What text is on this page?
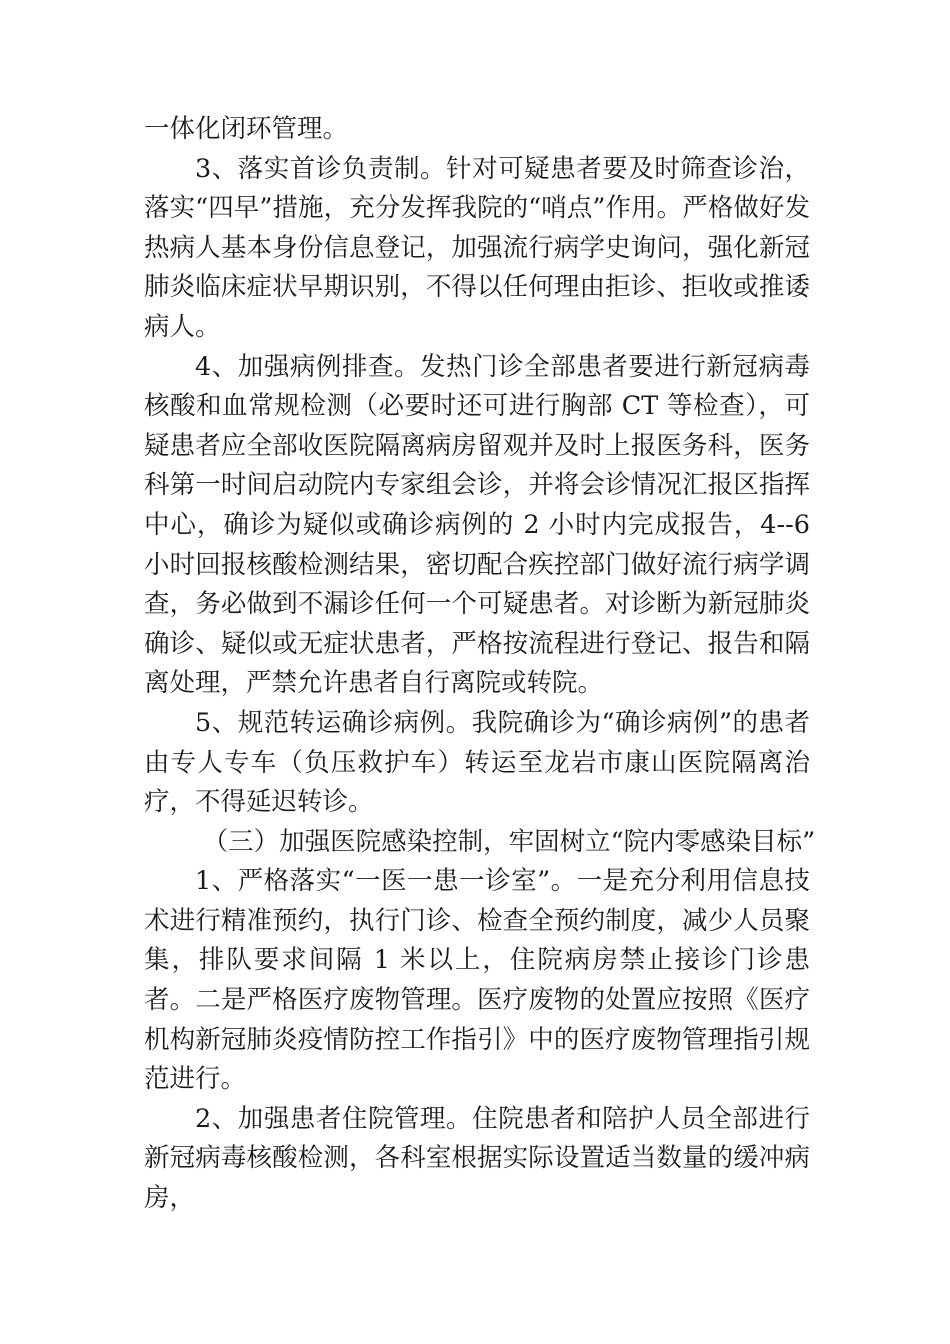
一体化闭环管理。

3、落实首诊负责制。针对可疑患者要及时筛查诊治，落实“四早”措施，充分发挥我院的“哨点”作用。严格做好发热病人基本身份信息登记，加强流行病学史询问，强化新冠肺炎临床症状早期识别，不得以任何理由拒诊、拒收或推诿病人。

4、加强病例排查。发热门诊全部患者要进行新冠病毒核酸和血常规检测（必要时还可进行胸部 CT 等检查），可疑患者应全部收医院隔离病房留观并及时上报医务科，医务科第一时间启动院内专家组会诊，并将会诊情况汇报区指挥中心，确诊为疑似或确诊病例的 2 小时内完成报告，4--6 小时回报核酸检测结果，密切配合疾控部门做好流行病学调查，务必做到不漏诊任何一个可疑患者。对诊断为新冠肺炎确诊、疑似或无症状患者，严格按流程进行登记、报告和隔离处理，严禁允许患者自行离院或转院。

5、规范转运确诊病例。我院确诊为“确诊病例”的患者由专人专车（负压救护车）转运至龙岩市康山医院隔离治疗，不得延迟转诊。

（三）加强医院感染控制，牢固树立“院内零感染目标”

1、严格落实“一医一患一诊室”。一是充分利用信息技术进行精准预约，执行门诊、检查全预约制度，减少人员聚集，排队要求间隔 1 米以上，住院病房禁止接诊门诊患者。二是严格医疗废物管理。医疗废物的处置应按照《医疗机构新冠肺炎疫情防控工作指引》中的医疗废物管理指引规范进行。

2、加强患者住院管理。住院患者和陪护人员全部进行新冠病毒核酸检测，各科室根据实际设置适当数量的缓冲病房，
